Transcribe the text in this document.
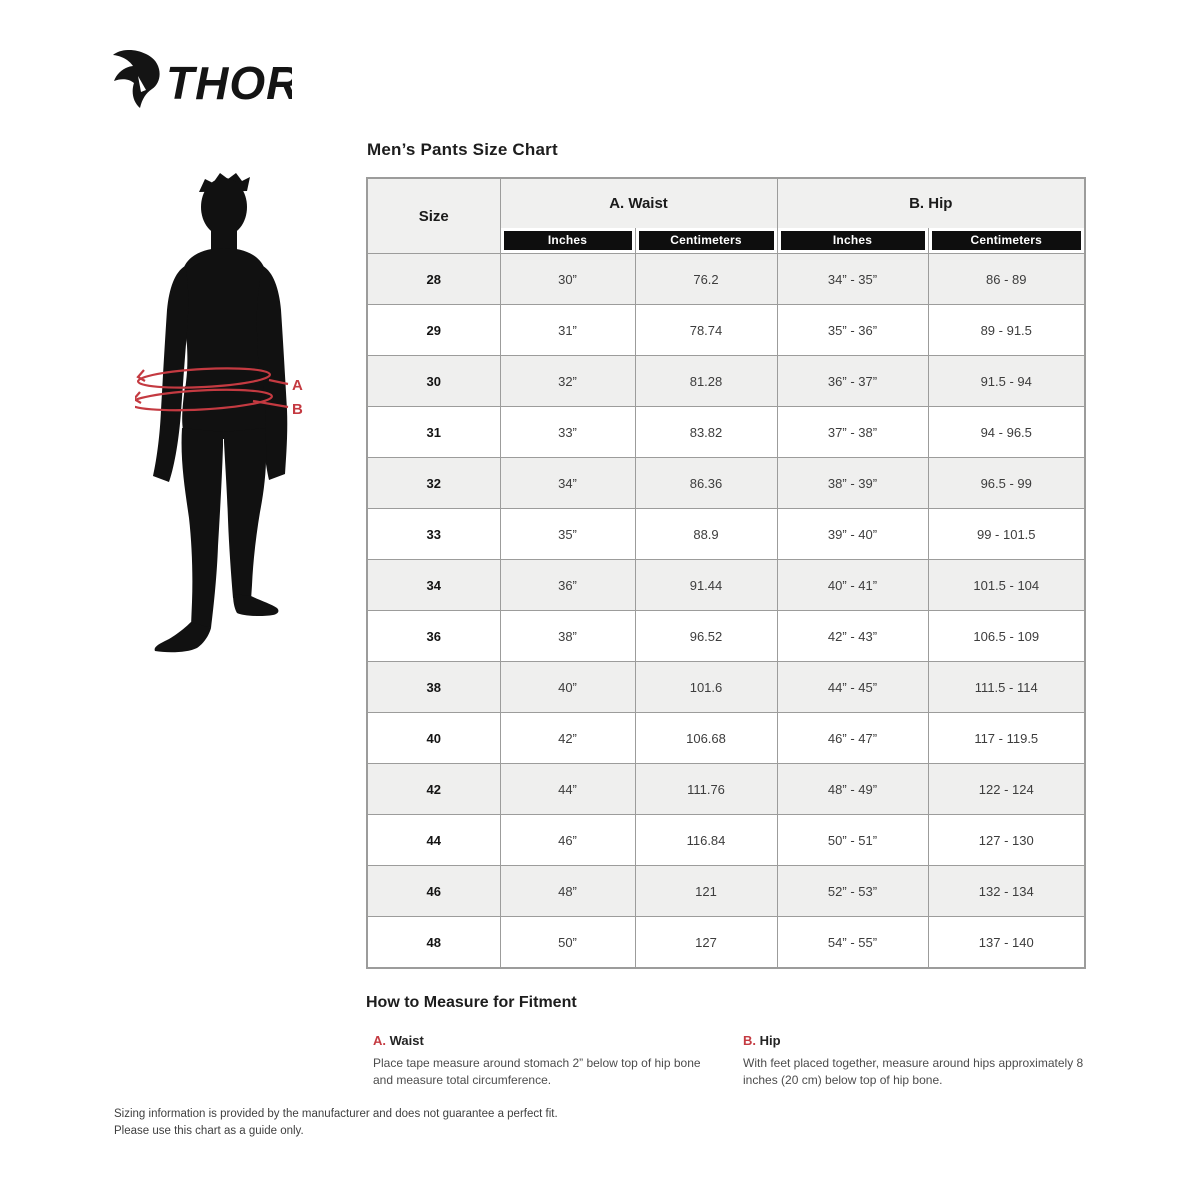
THOR
A
B
Men’s Pants Size Chart
Size	A. Waist		B. Hip	

	Inches	Centimeters	Inches	Centimeters

28	30”	76.2	34” - 35”	86 - 89
29	31”	78.74	35” - 36”	89 - 91.5
30	32”	81.28	36” - 37”	91.5 - 94
31	33”	83.82	37” - 38”	94 - 96.5
32	34”	86.36	38” - 39”	96.5 - 99
33	35”	88.9	39” - 40”	99 - 101.5
34	36”	91.44	40” - 41”	101.5 - 104
36	38”	96.52	42” - 43”	106.5 - 109
38	40”	101.6	44” - 45”	111.5 - 114
40	42”	106.68	46” - 47”	117 - 119.5
42	44”	111.76	48” - 49”	122 - 124
44	46”	116.84	50” - 51”	127 - 130
46	48”	121	52” - 53”	132 - 134
48	50”	127	54” - 55”	137 - 140
How to Measure for Fitment

A. Waist

Place tape measure around stomach 2” below top of hip bone and measure total circumference.

B. Hip

With feet placed together, measure around hips approximately 8 inches (20 cm) below top of hip bone.

Sizing information is provided by the manufacturer and does not guarantee a perfect fit.
Please use this chart as a guide only.
